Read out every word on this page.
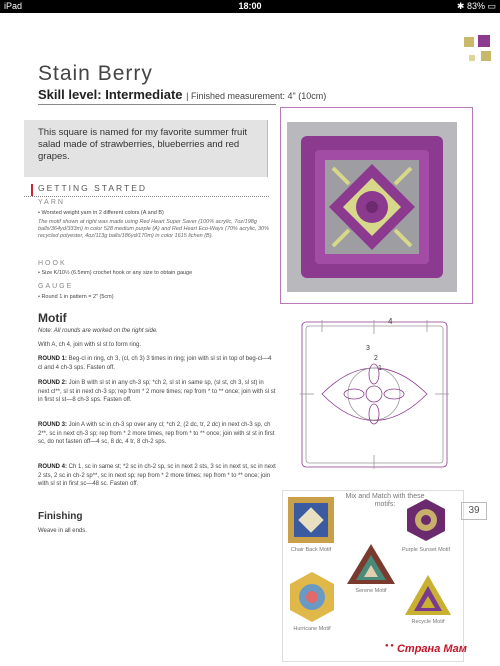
iPad	18:00	✱ 83% ▭
Stain Berry
Skill level: Intermediate | Finished measurement: 4" (10cm)

This square is named for my favorite summer fruit salad made of strawberries, blueberries and red grapes.

GETTING STARTED
YARN
• Worsted weight yarn in 2 different colors (A and B)
The motif shown at right was made using Red Heart Super Saver (100% acrylic, 7oz/198g balls/364yd/333m) in color 528 medium purple (A) and Red Heart Eco-Ways (70% acrylic, 30% recycled polyester, 4oz/113g balls/186yd/170m) in color 1615 lichen (B).
HOOK
• Size K/10½ (6.5mm) crochet hook or any size to obtain gauge
GAUGE
• Round 1 in pattern = 2" (5cm)
Motif
Note: All rounds are worked on the right side.
With A, ch 4, join with sl st to form ring.
ROUND 1: Beg-cl in ring, ch 3, (cl, ch 3) 3 times in ring; join with sl st in top of beg-cl—4 cl and 4 ch-3 sps. Fasten off.
ROUND 2: Join B with sl st in any ch-3 sp; *ch 2, sl st in same sp, (sl st, ch 3, sl st) in next cl**, sl st in next ch-3 sp; rep from * 2 more times; rep from * to ** once; join with sl st in first sl st—8 ch-3 sps. Fasten off.
ROUND 3: Join A with sc in ch-3 sp over any cl; *ch 2, (2 dc, tr, 2 dc) in next ch-3 sp, ch 2**, sc in next ch-3 sp; rep from * 2 more times, rep from * to ** once; join with sl st in first sc, do not fasten off—4 sc, 8 dc, 4 tr, 8 ch-2 sps.
ROUND 4: Ch 1, sc in same st; *2 sc in ch-2 sp, sc in next 2 sts, 3 sc in next st, sc in next 2 sts, 2 sc in ch-2 sp**, sc in next sp; rep from * 2 more times; rep from * to ** once; join with sl st in first sc—48 sc. Fasten off.
Finishing
Weave in all ends.
4
3
2
1
Mix and Match with these motifs:
39
Chair Back Motif	Purple Sunset Motif
Serene Motif
Hurricane Motif
Recycle Motif
● ● Страна Мам
